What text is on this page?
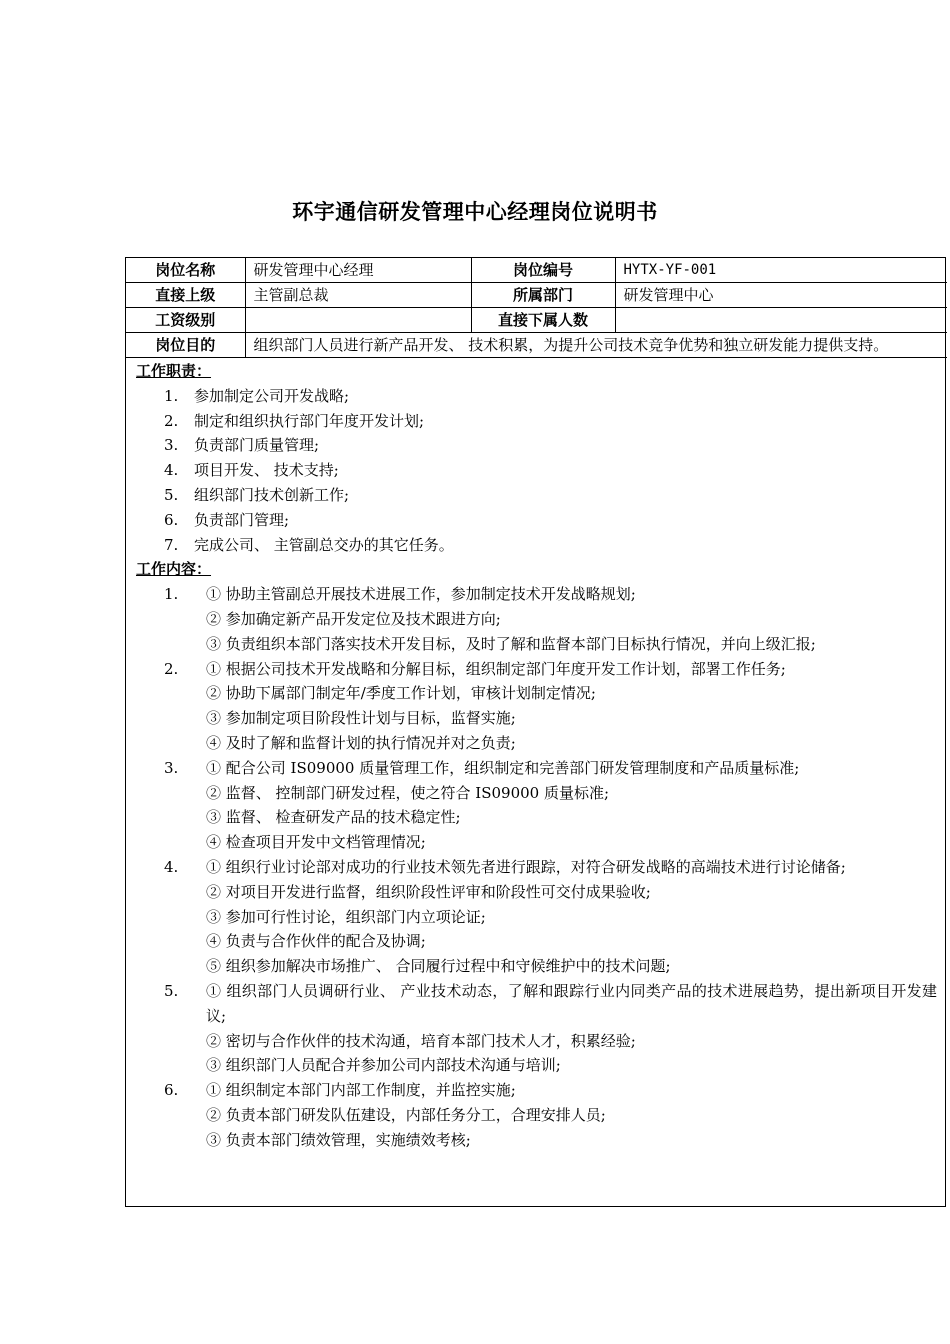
环宇通信研发管理中心经理岗位说明书
岗位名称	研发管理中心经理	岗位编号	HYTX-YF-001
直接上级	主管副总裁	所属部门	研发管理中心
工资级别		直接下属人数	
岗位目的	组织部门人员进行新产品开发、 技术积累，为提升公司技术竞争优势和独立研发能力提供支持。		
工作职责：
1. 参加制定公司开发战略;
2. 制定和组织执行部门年度开发计划;
3. 负责部门质量管理;
4. 项目开发、 技术支持;
5. 组织部门技术创新工作;
6. 负责部门管理;
7. 完成公司、 主管副总交办的其它任务。
工作内容：
1.	① 协助主管副总开展技术进展工作，参加制定技术开发战略规划;
② 参加确定新产品开发定位及技术跟进方向;
③ 负责组织本部门落实技术开发目标，及时了解和监督本部门目标执行情况，并向上级汇报;
2.	① 根据公司技术开发战略和分解目标，组织制定部门年度开发工作计划，部署工作任务;
② 协助下属部门制定年/季度工作计划，审核计划制定情况;
③ 参加制定项目阶段性计划与目标，监督实施;
④ 及时了解和监督计划的执行情况并对之负责;
3.	① 配合公司 IS09000 质量管理工作，组织制定和完善部门研发管理制度和产品质量标准;
② 监督、 控制部门研发过程，使之符合 IS09000 质量标准;
③ 监督、 检查研发产品的技术稳定性;
④ 检查项目开发中文档管理情况;
4.	① 组织行业讨论部对成功的行业技术领先者进行跟踪，对符合研发战略的高端技术进行讨论储备;
② 对项目开发进行监督，组织阶段性评审和阶段性可交付成果验收;
③ 参加可行性讨论，组织部门内立项论证;
④ 负责与合作伙伴的配合及协调;
⑤ 组织参加解决市场推广、 合同履行过程中和守候维护中的技术问题;
5.	① 组织部门人员调研行业、 产业技术动态，了解和跟踪行业内同类产品的技术进展趋势，提出新项目开发建议;
② 密切与合作伙伴的技术沟通，培育本部门技术人才，积累经验;
③ 组织部门人员配合并参加公司内部技术沟通与培训;
6.	① 组织制定本部门内部工作制度，并监控实施;
② 负责本部门研发队伍建设，内部任务分工，合理安排人员;
③ 负责本部门绩效管理，实施绩效考核;
